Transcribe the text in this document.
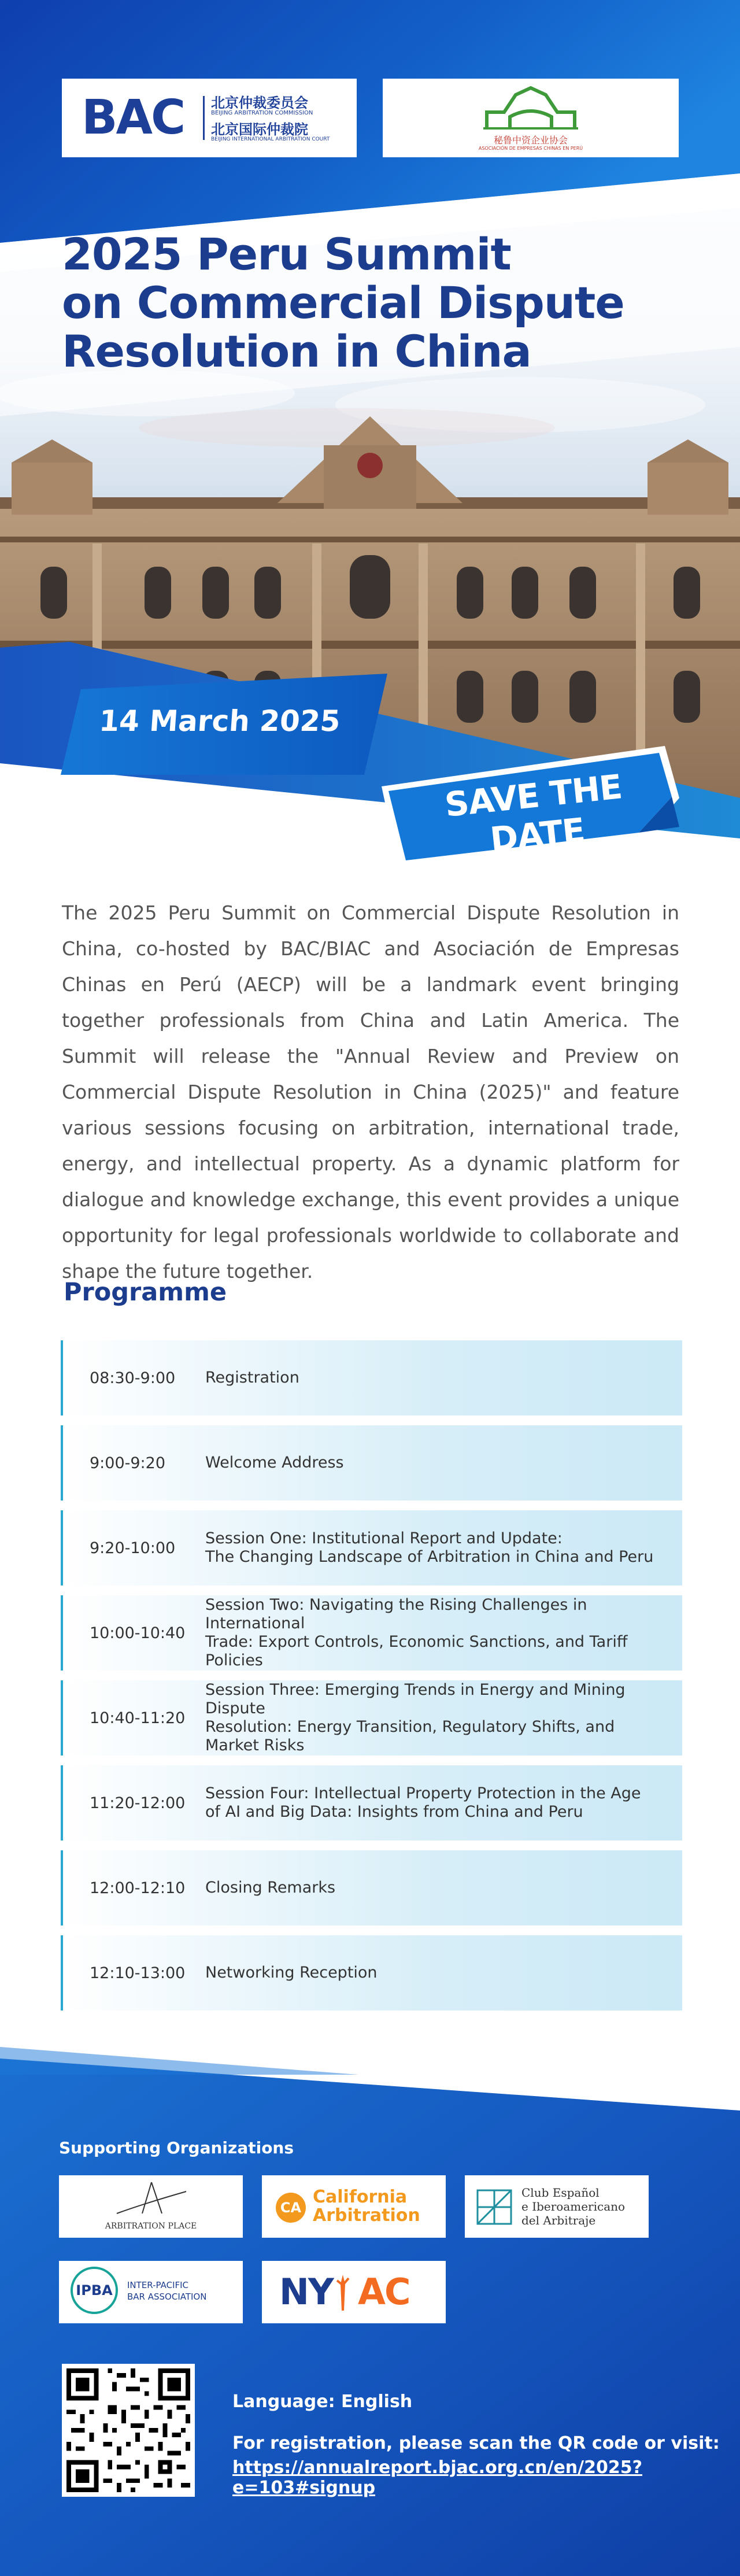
BAC 北京仲裁委员会
BEIJING ARBITRATION COMMISSION
北京国际仲裁院
BEIJING INTERNATIONAL ARBITRATION COURT	秘鲁中资企业协会
ASOCIACIÓN DE EMPRESAS CHINAS EN PERÚ
2025 Peru Summit
on Commercial Dispute
Resolution in China
14 March 2025
SAVE THE DATE

The 2025 Peru Summit on Commercial Dispute Resolution in China, co-hosted by BAC/BIAC and Asociación de Empresas Chinas en Perú (AECP) will be a landmark event bringing together professionals from China and Latin America. The Summit will release the "Annual Review and Preview on Commercial Dispute Resolution in China (2025)" and feature various sessions focusing on arbitration, international trade, energy, and intellectual property. As a dynamic platform for dialogue and knowledge exchange, this event provides a unique opportunity for legal professionals worldwide to collaborate and shape the future together.

Programme
08:30-9:00 Registration
9:00-9:20	Welcome Address
9:20-10:00
Session One: Institutional Report and Update:
The Changing Landscape of Arbitration in China and Peru
10:00-10:40
Session Two: Navigating the Rising Challenges in International
Trade: Export Controls, Economic Sanctions, and Tariff Policies
10:40-11:20
Session Three: Emerging Trends in Energy and Mining Dispute
Resolution: Energy Transition, Regulatory Shifts, and Market Risks
11:20-12:00
Session Four: Intellectual Property Protection in the Age
of AI and Big Data: Insights from China and Peru
12:00-12:10 Closing Remarks
12:10-13:00 Networking Reception
Supporting Organizations
ARBITRATION PLACE
CA
California
Arbitration
Club Español
e Iberoamericano
del Arbitraje
IPBA	INTER-PACIFIC
BAR ASSOCIATION NY AC
Language: English
For registration, please scan the QR code or visit:
https://annualreport.bjac.org.cn/en/2025?e=103#signup
